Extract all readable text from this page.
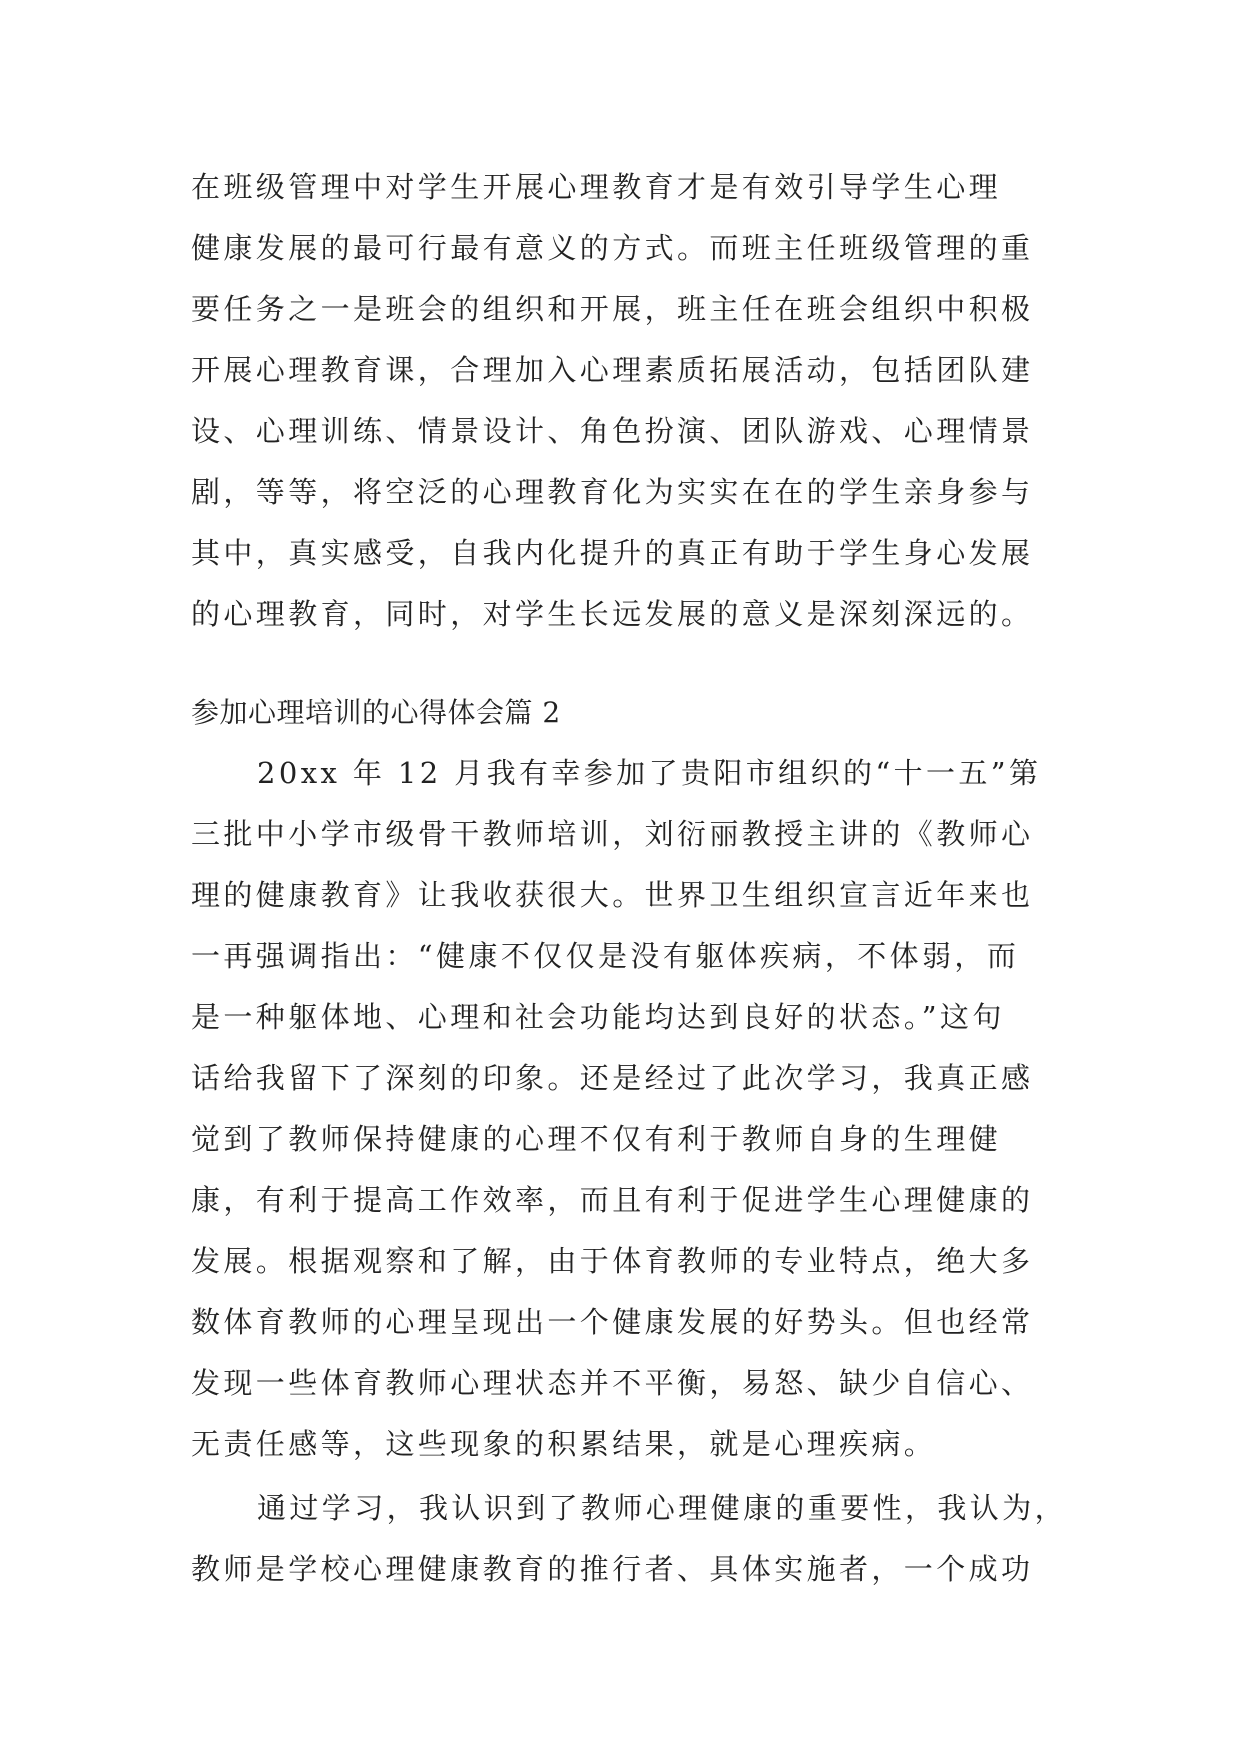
在班级管理中对学生开展心理教育才是有效引导学生心理
健康发展的最可行最有意义的方式。而班主任班级管理的重
要任务之一是班会的组织和开展，班主任在班会组织中积极
开展心理教育课，合理加入心理素质拓展活动，包括团队建
设、心理训练、情景设计、角色扮演、团队游戏、心理情景
剧，等等，将空泛的心理教育化为实实在在的学生亲身参与
其中，真实感受，自我内化提升的真正有助于学生身心发展
的心理教育，同时，对学生长远发展的意义是深刻深远的。
参加心理培训的心得体会篇 2
20xx 年 12 月我有幸参加了贵阳市组织的“十一五”第
三批中小学市级骨干教师培训，刘衍丽教授主讲的《教师心
理的健康教育》让我收获很大。世界卫生组织宣言近年来也
一再强调指出：“健康不仅仅是没有躯体疾病，不体弱，而
是一种躯体地、心理和社会功能均达到良好的状态。”这句
话给我留下了深刻的印象。还是经过了此次学习，我真正感
觉到了教师保持健康的心理不仅有利于教师自身的生理健
康，有利于提高工作效率，而且有利于促进学生心理健康的
发展。根据观察和了解，由于体育教师的专业特点，绝大多
数体育教师的心理呈现出一个健康发展的好势头。但也经常
发现一些体育教师心理状态并不平衡，易怒、缺少自信心、
无责任感等，这些现象的积累结果，就是心理疾病。
通过学习，我认识到了教师心理健康的重要性，我认为，
教师是学校心理健康教育的推行者、具体实施者，一个成功
